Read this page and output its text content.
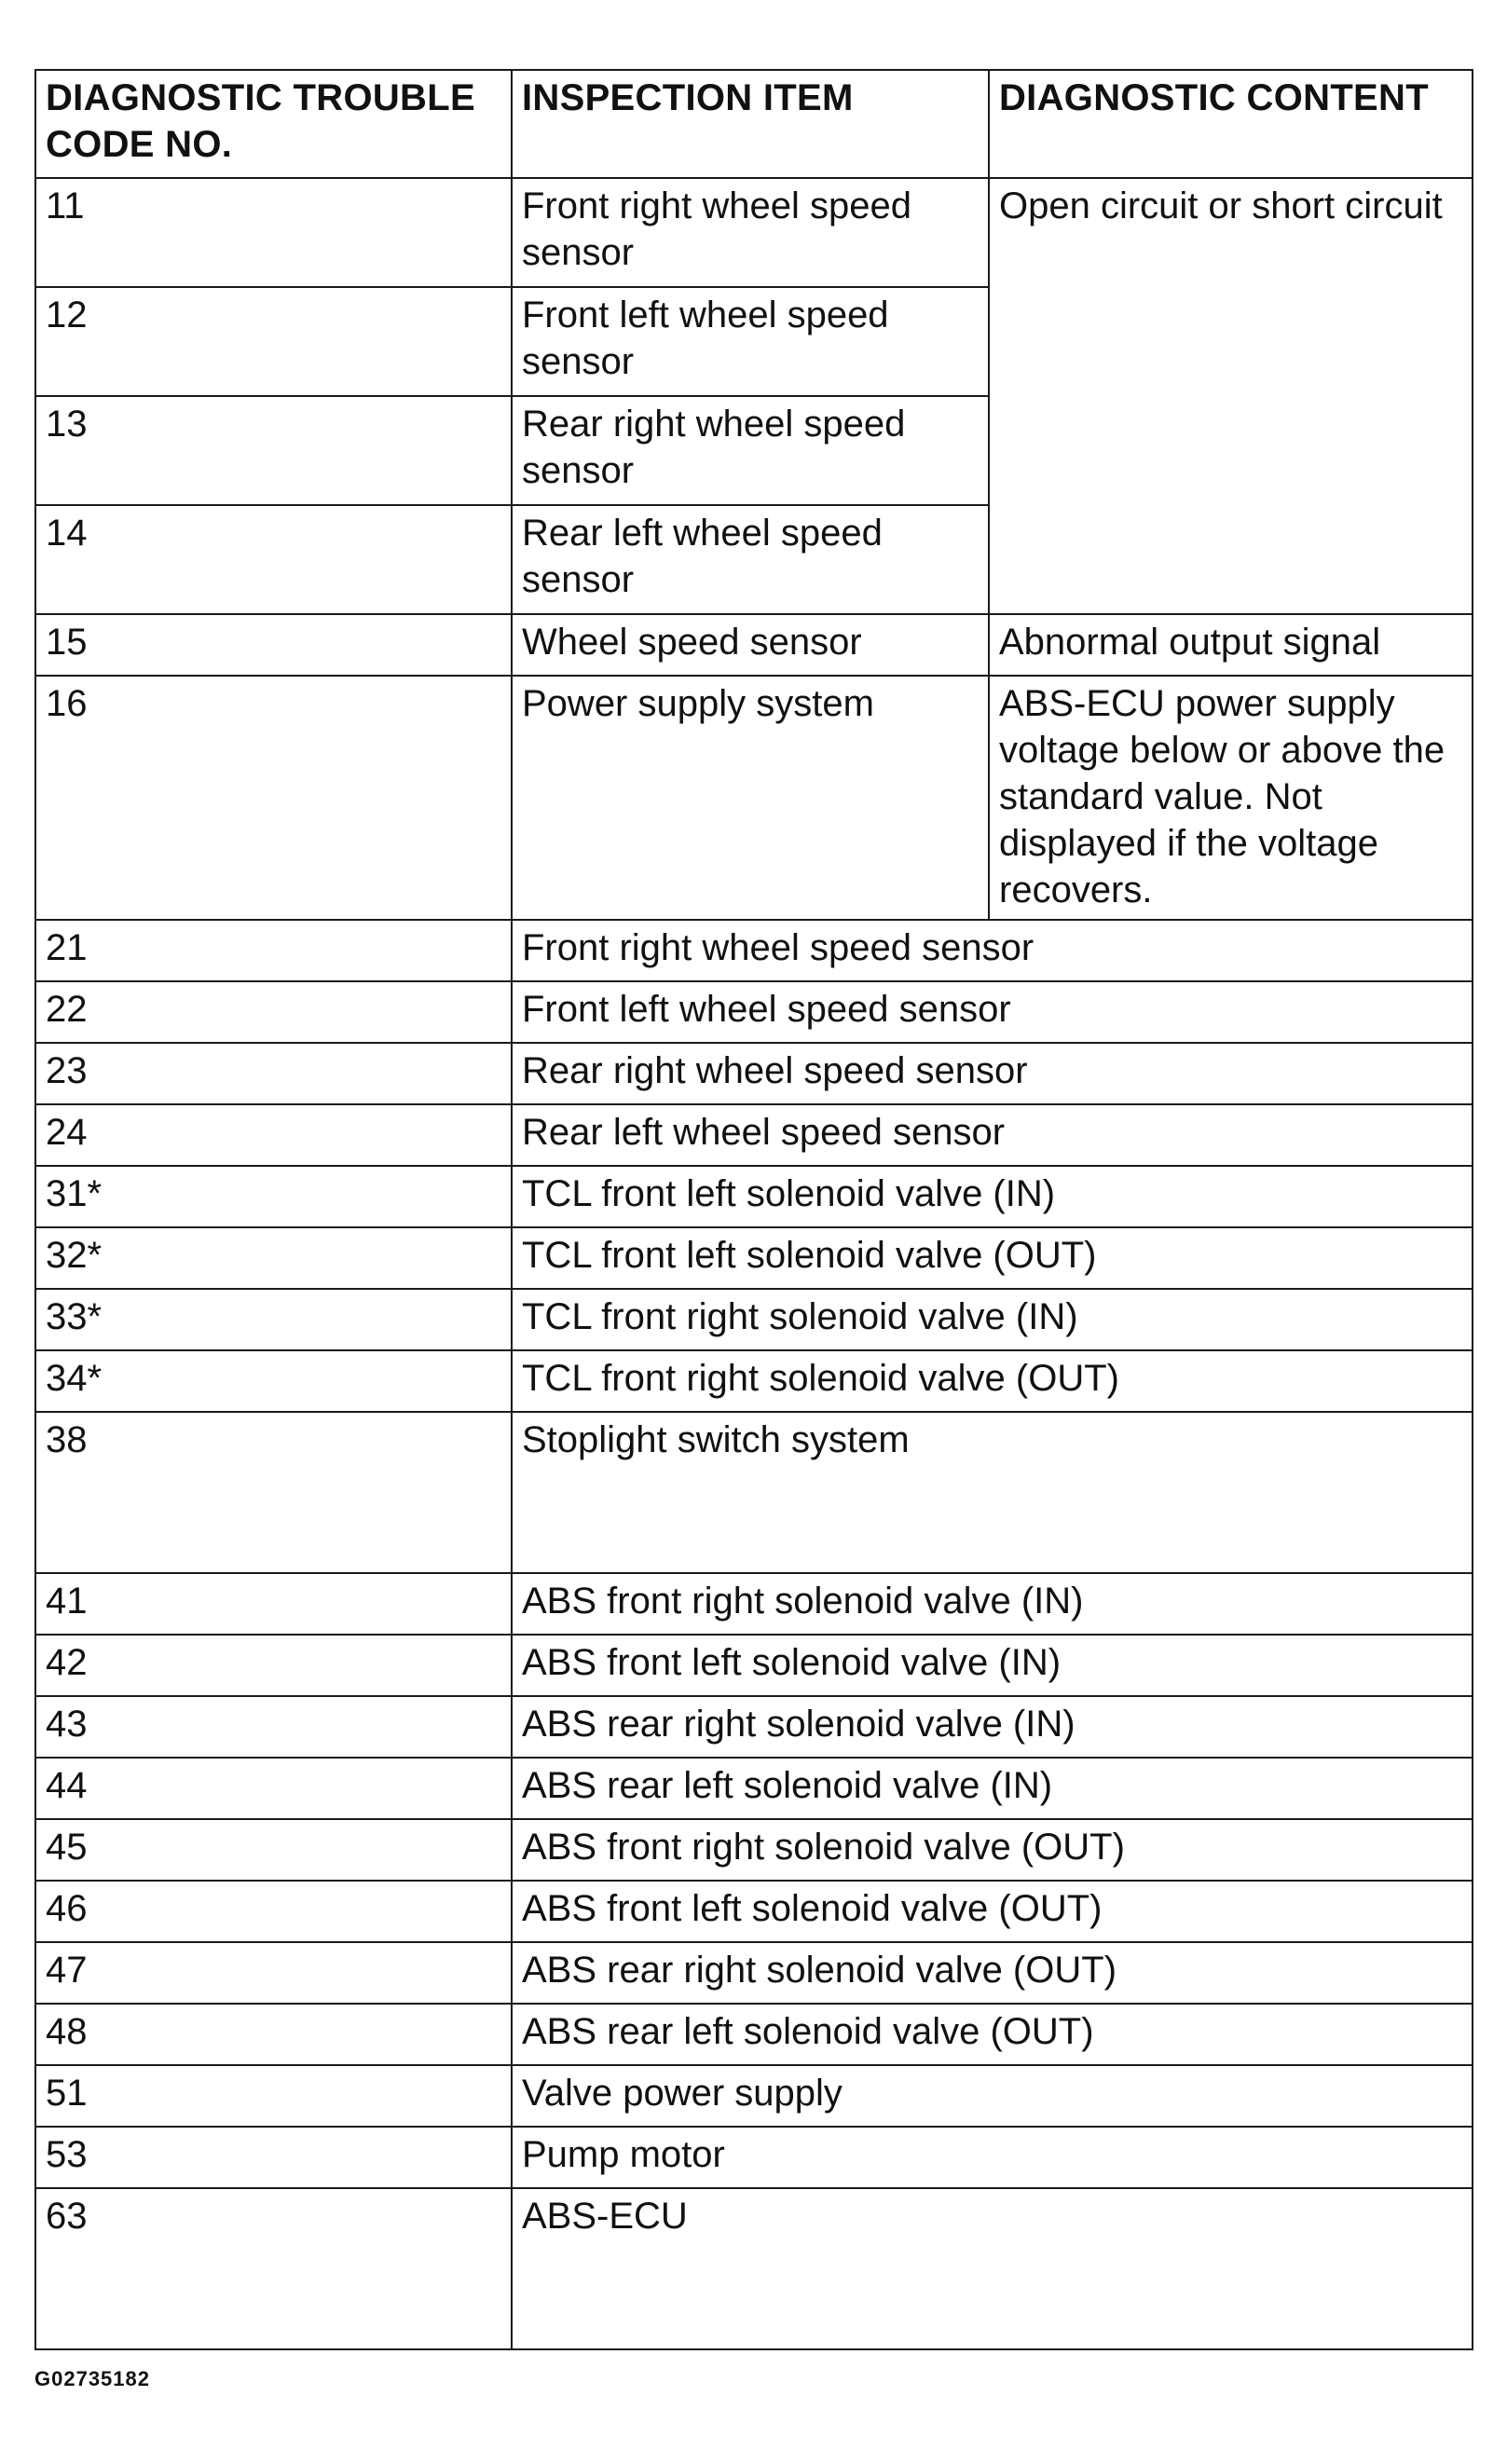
DIAGNOSTIC TROUBLE CODE NO.	INSPECTION ITEM	DIAGNOSTIC CONTENT
11	Front right wheel speed sensor	Open circuit or short circuit
12	Front left wheel speed sensor	
13	Rear right wheel speed sensor	
14	Rear left wheel speed sensor	
15	Wheel speed sensor	Abnormal output signal
16	Power supply system	ABS-ECU power supply voltage below or above the standard value. Not displayed if the voltage recovers.
21	Front right wheel speed sensor	
22	Front left wheel speed sensor	
23	Rear right wheel speed sensor	
24	Rear left wheel speed sensor	
31*	TCL front left solenoid valve (IN)	
32*	TCL front left solenoid valve (OUT)	
33*	TCL front right solenoid valve (IN)	
34*	TCL front right solenoid valve (OUT)	
38	Stoplight switch system	
41	ABS front right solenoid valve (IN)	
42	ABS front left solenoid valve (IN)	
43	ABS rear right solenoid valve (IN)	
44	ABS rear left solenoid valve (IN)	
45	ABS front right solenoid valve (OUT)	
46	ABS front left solenoid valve (OUT)	
47	ABS rear right solenoid valve (OUT)	
48	ABS rear left solenoid valve (OUT)	
51	Valve power supply	
53	Pump motor	
63	ABS-ECU	
G02735182
